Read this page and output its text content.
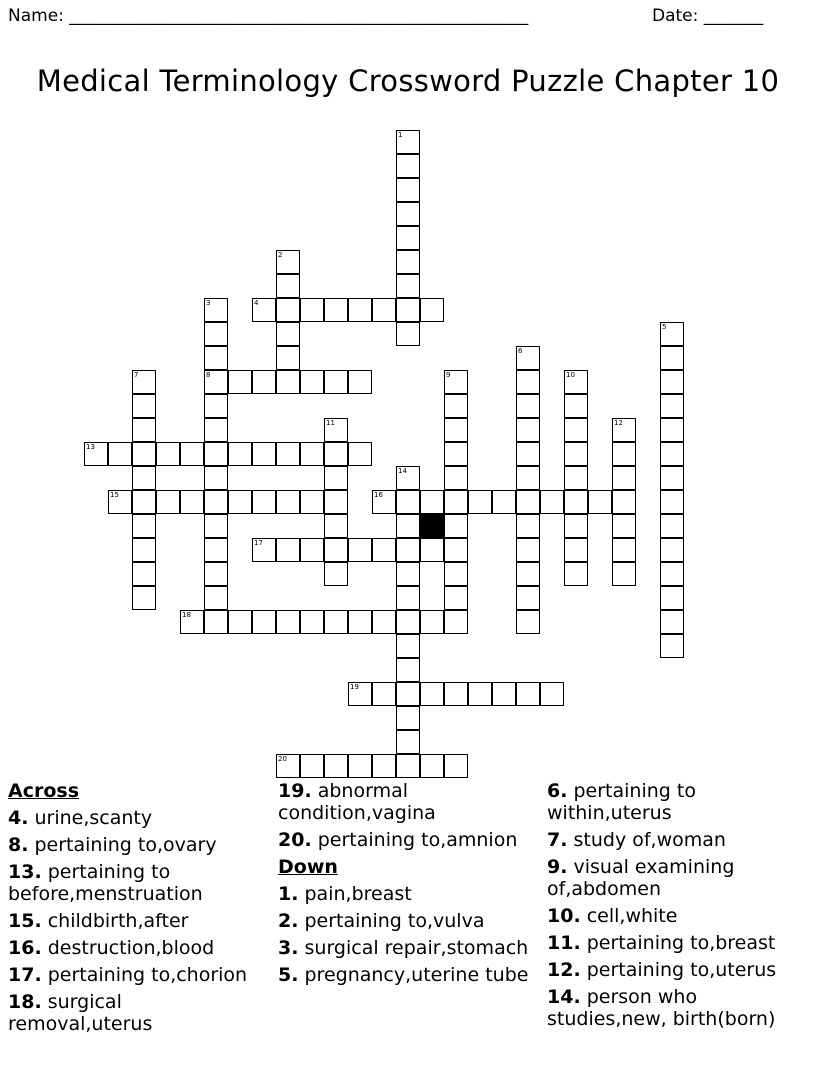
Name: ______________________________________________________	Date: _______
Medical Terminology Crossword Puzzle Chapter 10
1
2
3
8
4
5
6
7	9	10
11	12
13
14
15	16
17
18
19
20
Across

4. urine,scanty

8. pertaining to,ovary

13. pertaining to before,menstruation

15. childbirth,after

16. destruction,blood

17. pertaining to,chorion

18. surgical removal,uterus

19. abnormal condition,vagina

20. pertaining to,amnion

Down

1. pain,breast

2. pertaining to,vulva

3. surgical repair,stomach

5. pregnancy,uterine tube

6. pertaining to within,uterus

7. study of,woman

9. visual examining of,abdomen

10. cell,white

11. pertaining to,breast

12. pertaining to,uterus

14. person who studies,new, birth(born)
